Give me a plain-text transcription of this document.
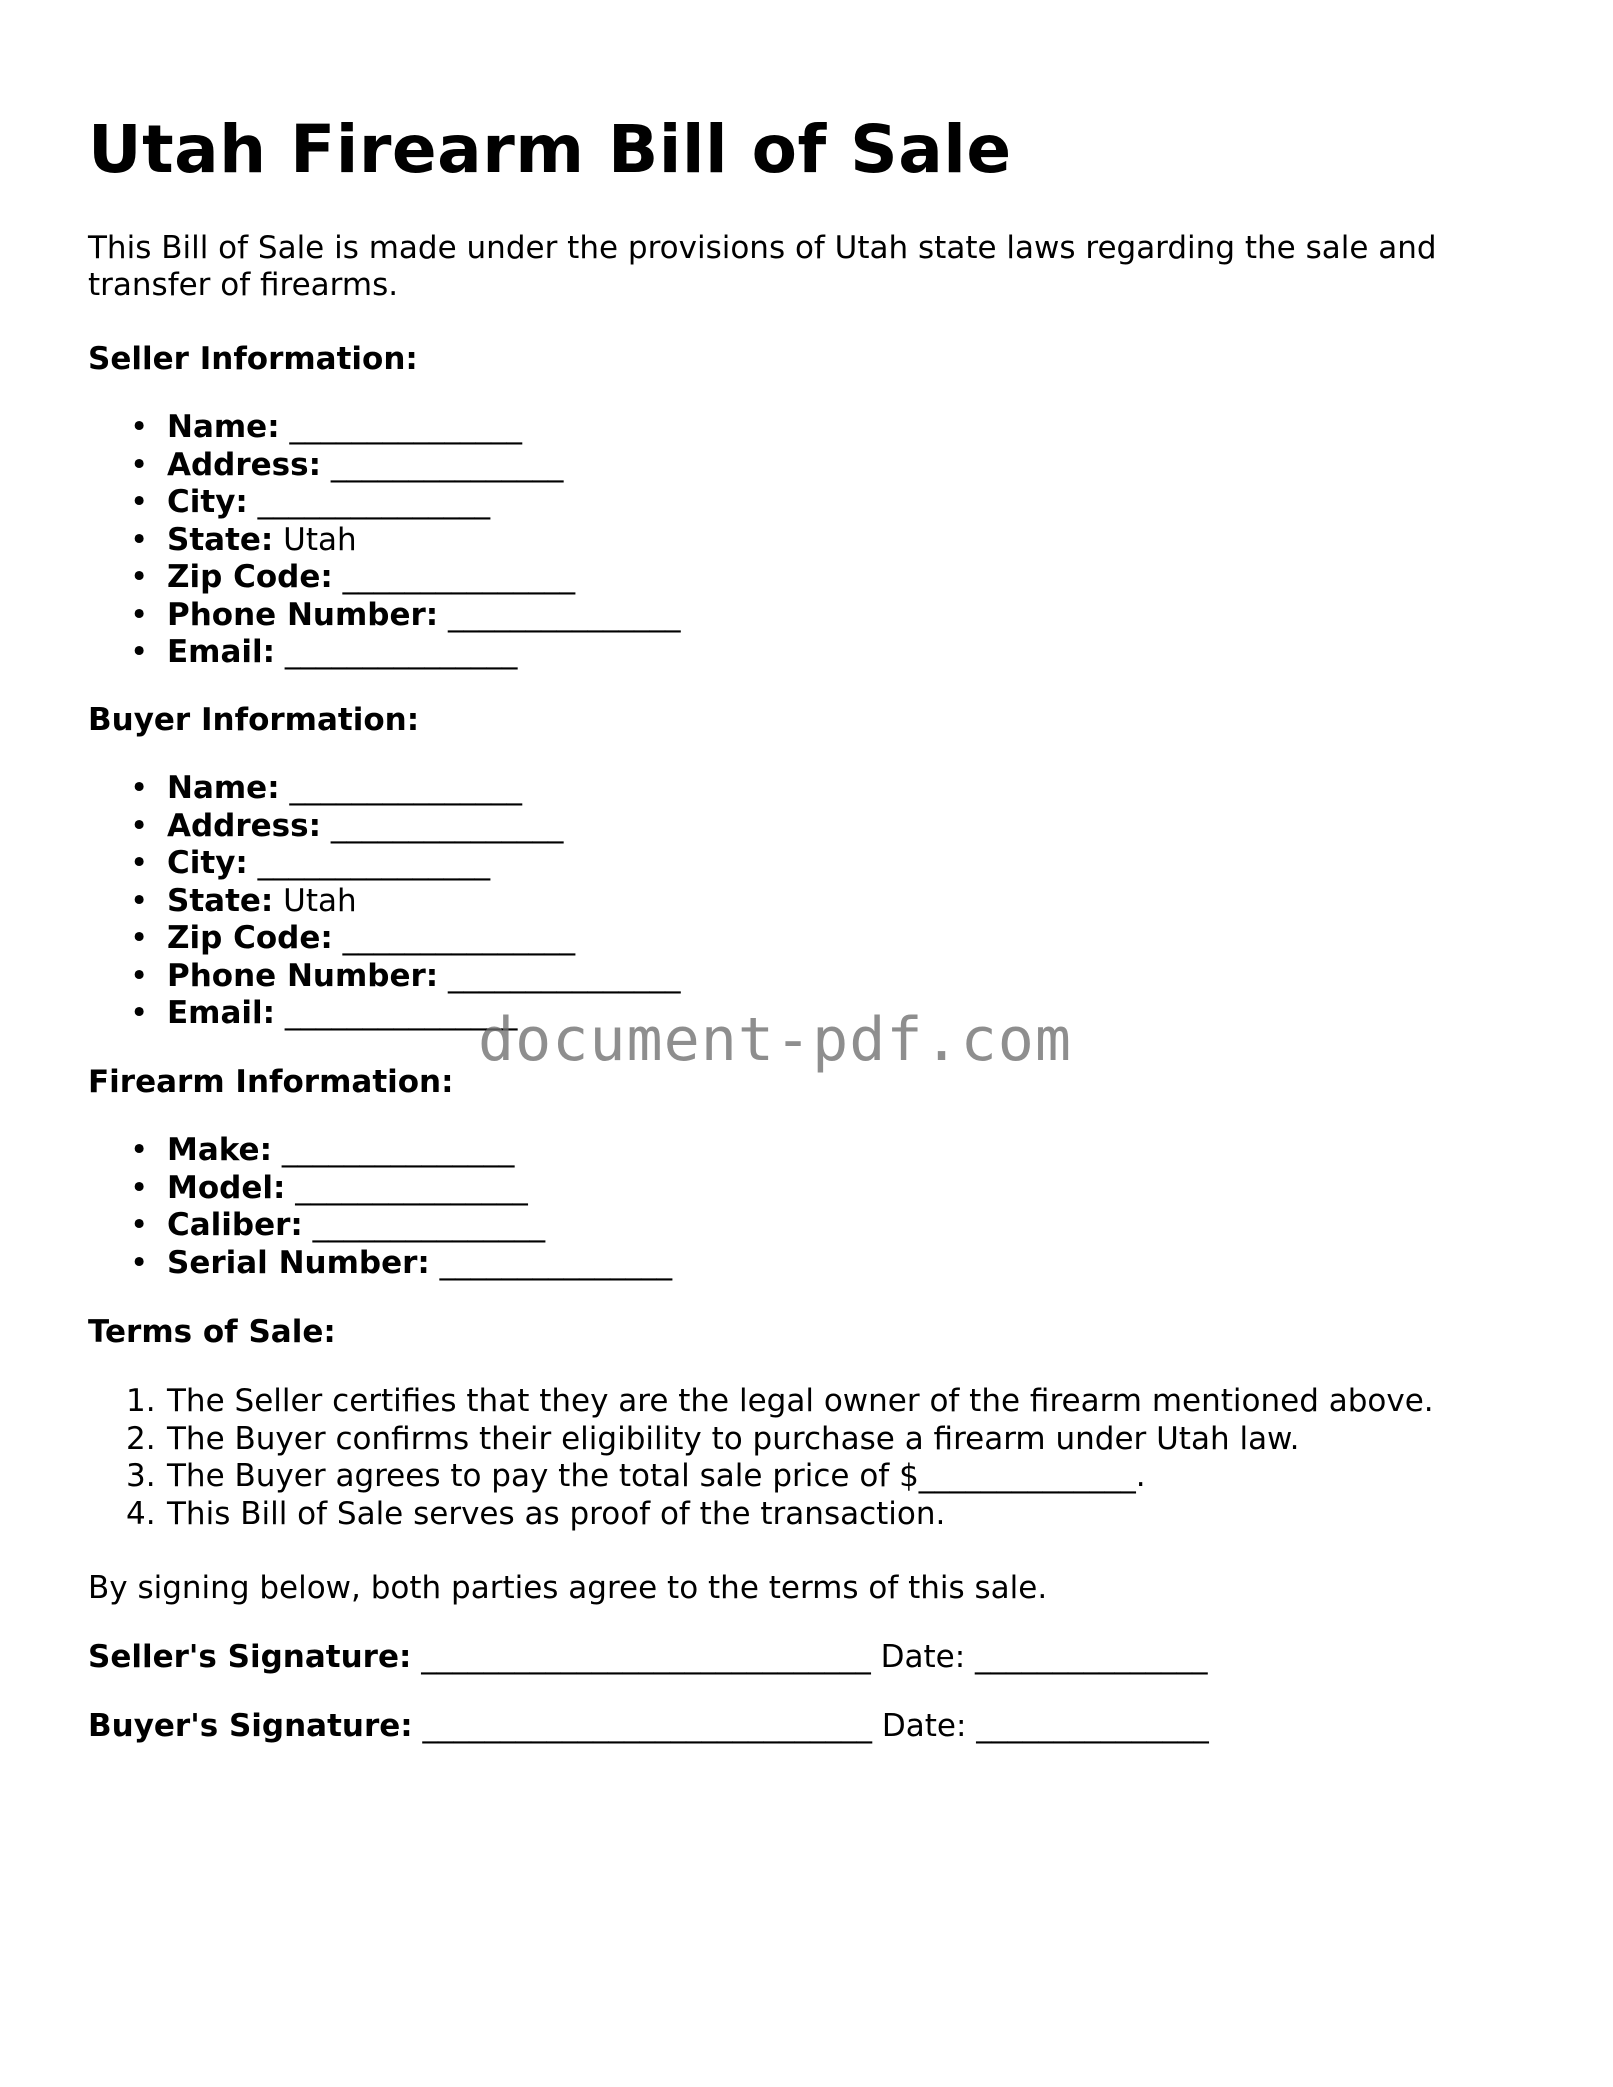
Utah Firearm Bill of Sale

This Bill of Sale is made under the provisions of Utah state laws regarding the sale and transfer of firearms.

Seller Information:

• Name: _______________
• Address: _______________
• City: _______________
• State: Utah
• Zip Code: _______________
• Phone Number: _______________
• Email: _______________

Buyer Information:

• Name: _______________
• Address: _______________
• City: _______________
• State: Utah
• Zip Code: _______________
• Phone Number: _______________
• Email: _______________

Firearm Information:

• Make: _______________
• Model: _______________
• Caliber: _______________
• Serial Number: _______________

Terms of Sale:

1. The Seller certifies that they are the legal owner of the firearm mentioned above.
2. The Buyer confirms their eligibility to purchase a firearm under Utah law.
3. The Buyer agrees to pay the total sale price of $______________.
4. This Bill of Sale serves as proof of the transaction.

By signing below, both parties agree to the terms of this sale.

Seller's Signature: _____________________________ Date: _______________

Buyer's Signature: _____________________________ Date: _______________

document-pdf.com
